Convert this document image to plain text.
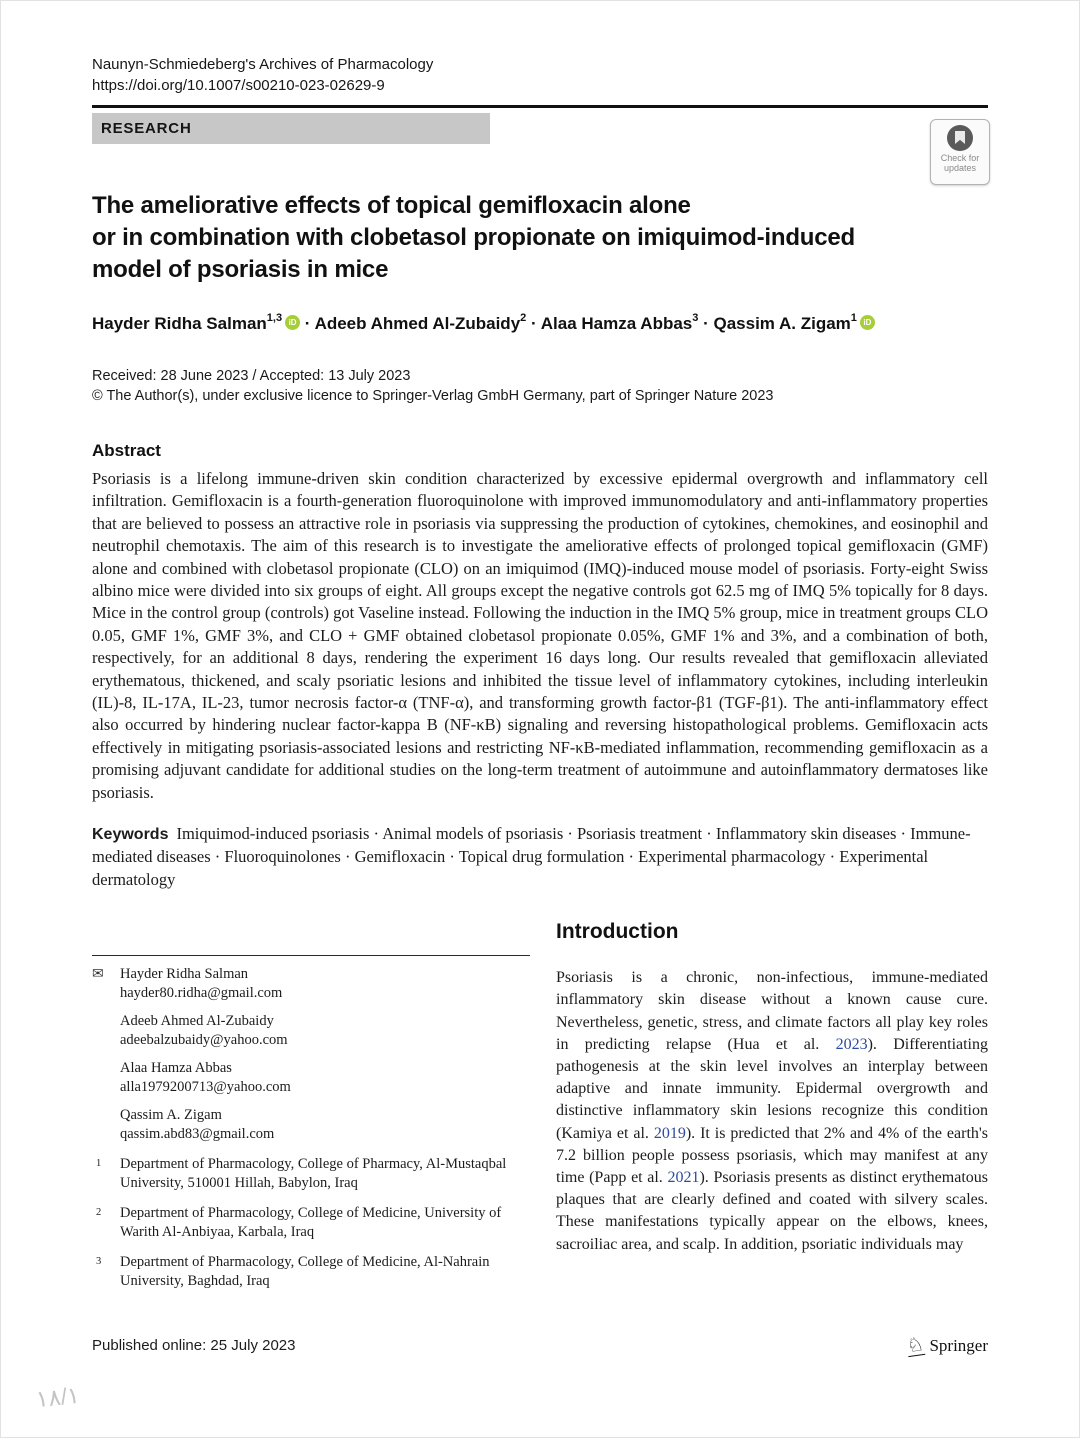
Naunyn-Schmiedeberg's Archives of Pharmacology
https://doi.org/10.1007/s00210-023-02629-9
RESEARCH
Check for
updates
The ameliorative effects of topical gemifloxacin alone
or in combination with clobetasol propionate on imiquimod-induced
model of psoriasis in mice
Hayder Ridha Salman$^{1,3}$ iD · Adeeb Ahmed Al-Zubaidy$^2$ · Alaa Hamza Abbas$^3$ · Qassim A. Zigam$^1$ iD
Received: 28 June 2023 / Accepted: 13 July 2023
© The Author(s), under exclusive licence to Springer-Verlag GmbH Germany, part of Springer Nature 2023
Abstract
Psoriasis is a lifelong immune-driven skin condition characterized by excessive epidermal overgrowth and inflammatory cell infiltration. Gemifloxacin is a fourth-generation fluoroquinolone with improved immunomodulatory and anti-inflammatory properties that are believed to possess an attractive role in psoriasis via suppressing the production of cytokines, chemokines, and eosinophil and neutrophil chemotaxis. The aim of this research is to investigate the ameliorative effects of prolonged topical gemifloxacin (GMF) alone and combined with clobetasol propionate (CLO) on an imiquimod (IMQ)-induced mouse model of psoriasis. Forty-eight Swiss albino mice were divided into six groups of eight. All groups except the negative controls got 62.5 mg of IMQ 5% topically for 8 days. Mice in the control group (controls) got Vaseline instead. Following the induction in the IMQ 5% group, mice in treatment groups CLO 0.05, GMF 1%, GMF 3%, and CLO + GMF obtained clobetasol propionate 0.05%, GMF 1% and 3%, and a combination of both, respectively, for an additional 8 days, rendering the experiment 16 days long. Our results revealed that gemifloxacin alleviated erythematous, thickened, and scaly psoriatic lesions and inhibited the tissue level of inflammatory cytokines, including interleukin (IL)-8, IL-17A, IL-23, tumor necrosis factor-α (TNF-α), and transforming growth factor-β1 (TGF-β1). The anti-inflammatory effect also occurred by hindering nuclear factor-kappa B (NF-κB) signaling and reversing histopathological problems. Gemifloxacin acts effectively in mitigating psoriasis-associated lesions and restricting NF-κB-mediated inflammation, recommending gemifloxacin as a promising adjuvant candidate for additional studies on the long-term treatment of autoimmune and autoinflammatory dermatoses like psoriasis.
Keywords Imiquimod-induced psoriasis · Animal models of psoriasis · Psoriasis treatment · Inflammatory skin diseases · Immune-mediated diseases · Fluoroquinolones · Gemifloxacin · Topical drug formulation · Experimental pharmacology · Experimental dermatology
✉ Hayder Ridha Salman
hayder80.ridha@gmail.com
Adeeb Ahmed Al-Zubaidy
adeebalzubaidy@yahoo.com
Alaa Hamza Abbas
alla1979200713@yahoo.com
Qassim A. Zigam
qassim.abd83@gmail.com
1 Department of Pharmacology, College of Pharmacy, Al-Mustaqbal University, 510001 Hillah, Babylon, Iraq
2 Department of Pharmacology, College of Medicine, University of Warith Al-Anbiyaa, Karbala, Iraq
3 Department of Pharmacology, College of Medicine, Al-Nahrain University, Baghdad, Iraq
Introduction
Psoriasis is a chronic, non-infectious, immune-mediated inflammatory skin disease without a known cause cure. Nevertheless, genetic, stress, and climate factors all play key roles in predicting relapse (Hua et al. 2023). Differentiating pathogenesis at the skin level involves an interplay between adaptive and innate immunity. Epidermal overgrowth and distinctive inflammatory skin lesions recognize this condition (Kamiya et al. 2019). It is predicted that 2% and 4% of the earth's 7.2 billion people possess psoriasis, which may manifest at any time (Papp et al. 2021). Psoriasis presents as distinct erythematous plaques that are clearly defined and coated with silvery scales. These manifestations typically appear on the elbows, knees, sacroiliac area, and scalp. In addition, psoriatic individuals may
Published online: 25 July 2023	♘ Springer
١٨/١
